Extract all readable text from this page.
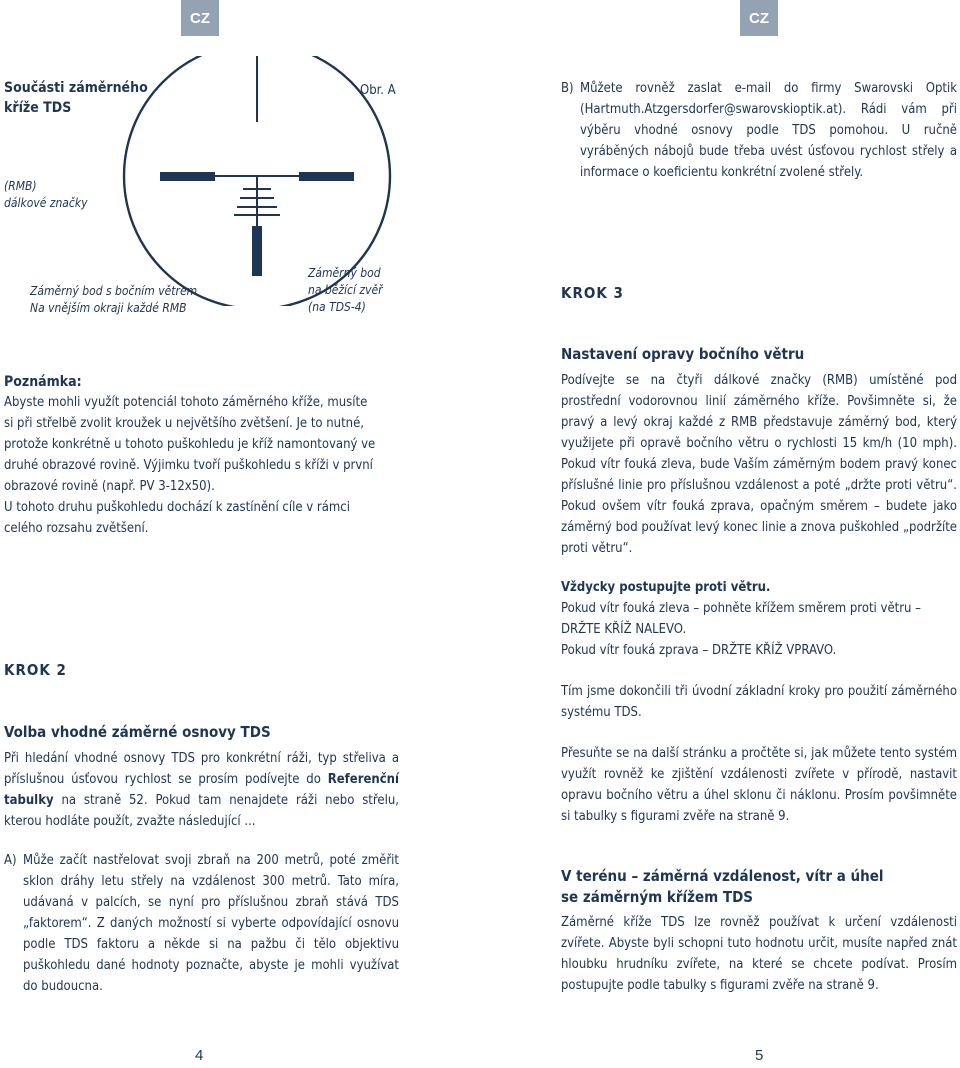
CZ	CZ
Součásti záměrného
kříže TDS
Obr. A
(RMB)
dálkové značky
Záměrný bod s bočním větrem
Na vnějším okraji každé RMB
Záměrný bod
na běžící zvěř
(na TDS-4)
Poznámka:
Abyste mohli využít potenciál tohoto záměrného kříže, musíte
si při střelbě zvolit kroužek u největšího zvětšení. Je to nutné,
protože konkrétně u tohoto puškohledu je kříž namontovaný ve
druhé obrazové rovině. Výjimku tvoří puškohledu s kříži v první
obrazové rovině (např. PV 3-12x50).
U tohoto druhu puškohledu dochází k zastínění cíle v rámci
celého rozsahu zvětšení.
KROK 2
Volba vhodné záměrné osnovy TDS

Při hledání vhodné osnovy TDS pro konkrétní ráži, typ střeliva a příslušnou úsťovou rychlost se prosím podívejte do Referenční tabulky na straně 52. Pokud tam nenajdete ráži nebo střelu, kterou hodláte použít, zvažte následující ...

A) Může začít nastřelovat svoji zbraň na 200 metrů, poté změřit sklon dráhy letu střely na vzdálenost 300 metrů. Tato míra, udávaná v palcích, se nyní pro příslušnou zbraň stává TDS „faktorem“. Z daných možností si vyberte odpovídající osnovu podle TDS faktoru a někde si na pažbu či tělo objektivu puškohledu dané hodnoty poznačte, abyste je mohli využívat do budoucna.
4
B) Můžete rovněž zaslat e-mail do firmy Swarovski Optik (Hartmuth.Atzgersdorfer@swarovskioptik.at). Rádi vám při výběru vhodné osnovy podle TDS pomohou. U ručně vyráběných nábojů bude třeba uvést úsťovou rychlost střely a informace o koeficientu konkrétní zvolené střely.
KROK 3
Nastavení opravy bočního větru

Podívejte se na čtyři dálkové značky (RMB) umístěné pod prostřední vodorovnou linií záměrného kříže. Povšimněte si, že pravý a levý okraj každé z RMB představuje záměrný bod, který využijete při opravě bočního větru o rychlosti 15 km/h (10 mph). Pokud vítr fouká zleva, bude Vaším záměrným bodem pravý konec příslušné linie pro příslušnou vzdálenost a poté „držte proti větru“. Pokud ovšem vítr fouká zprava, opačným směrem – budete jako záměrný bod používat levý konec linie a znova puškohled „podržíte proti větru“.

Vždycky postupujte proti větru.
Pokud vítr fouká zleva – pohněte křížem směrem proti větru –
DRŽTE KŘÍŽ NALEVO.
Pokud vítr fouká zprava – DRŽTE KŘÍŽ VPRAVO.

Tím jsme dokončili tři úvodní základní kroky pro použití záměrného systému TDS.

Přesuňte se na další stránku a pročtěte si, jak můžete tento systém využít rovněž ke zjištění vzdálenosti zvířete v přírodě, nastavit opravu bočního větru a úhel sklonu či náklonu. Prosím povšimněte si tabulky s figurami zvěře na straně 9.

V terénu – záměrná vzdálenost, vítr a úhel
se záměrným křížem TDS

Záměrné kříže TDS lze rovněž používat k určení vzdálenosti zvířete. Abyste byli schopni tuto hodnotu určit, musíte napřed znát hloubku hrudníku zvířete, na které se chcete podívat. Prosím postupujte podle tabulky s figurami zvěře na straně 9.

5
